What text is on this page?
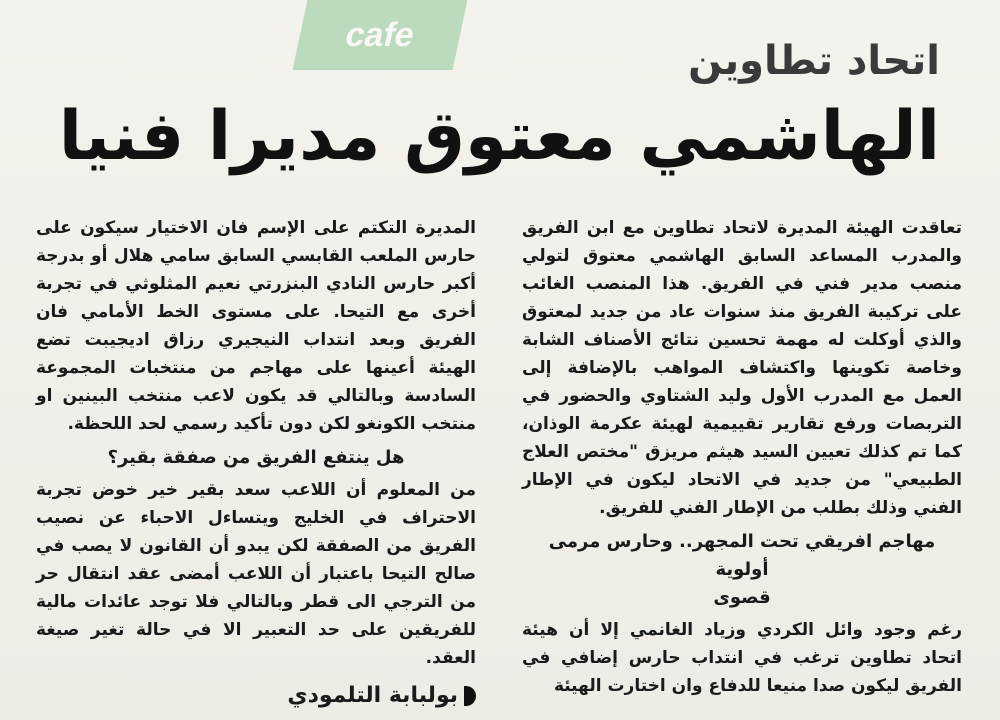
cafe
اتحاد تطاوين
الهاشمي معتوق مديرا فنيا

تعاقدت الهيئة المديرة لاتحاد تطاوين مع ابن الفريق والمدرب المساعد السابق الهاشمي معتوق لتولي منصب مدير فني في الفريق. هذا المنصب الغائب على تركيبة الفريق منذ سنوات عاد من جديد لمعتوق والذي أوكلت له مهمة تحسين نتائج الأصناف الشابة وخاصة تكوينها واكتشاف المواهب بالإضافة إلى العمل مع المدرب الأول وليد الشتاوي والحضور في التربصات ورفع تقارير تقييمية لهيئة عكرمة الوذان، كما تم كذلك تعيين السيد هيثم مريزق "مختص العلاج الطبيعي" من جديد في الاتحاد ليكون في الإطار الفني وذلك بطلب من الإطار الفني للفريق.

مهاجم افريقي تحت المجهر.. وحارس مرمى أولوية
قصوى

رغم وجود وائل الكردي وزياد الغانمي إلا أن هيئة اتحاد تطاوين ترغب في انتداب حارس إضافي في الفريق ليكون صدا منيعا للدفاع وان اختارت الهيئة

المديرة التكتم على الإسم فان الاختيار سيكون على حارس الملعب القابسي السابق سامي هلال أو بدرجة أكبر حارس النادي البنزرتي نعيم المثلوثي في تجربة أخرى مع التيحا. على مستوى الخط الأمامي فان الفريق وبعد انتداب النيجيري رزاق اديجيبت تضع الهيئة أعينها على مهاجم من منتخبات المجموعة السادسة وبالتالي قد يكون لاعب منتخب البينين او منتخب الكونغو لكن دون تأكيد رسمي لحد اللحظة.

هل ينتفع الفريق من صفقة بقير؟

من المعلوم أن اللاعب سعد بقير خير خوض تجربة الاحتراف في الخليج ويتساءل الاحباء عن نصيب الفريق من الصفقة لكن يبدو أن القانون لا يصب في صالح التيحا باعتبار أن اللاعب أمضى عقد انتقال حر من الترجي الى قطر وبالتالي فلا توجد عائدات مالية للفريقين على حد التعبير الا في حالة تغير صيغة العقد.

بولبابة التلمودي
